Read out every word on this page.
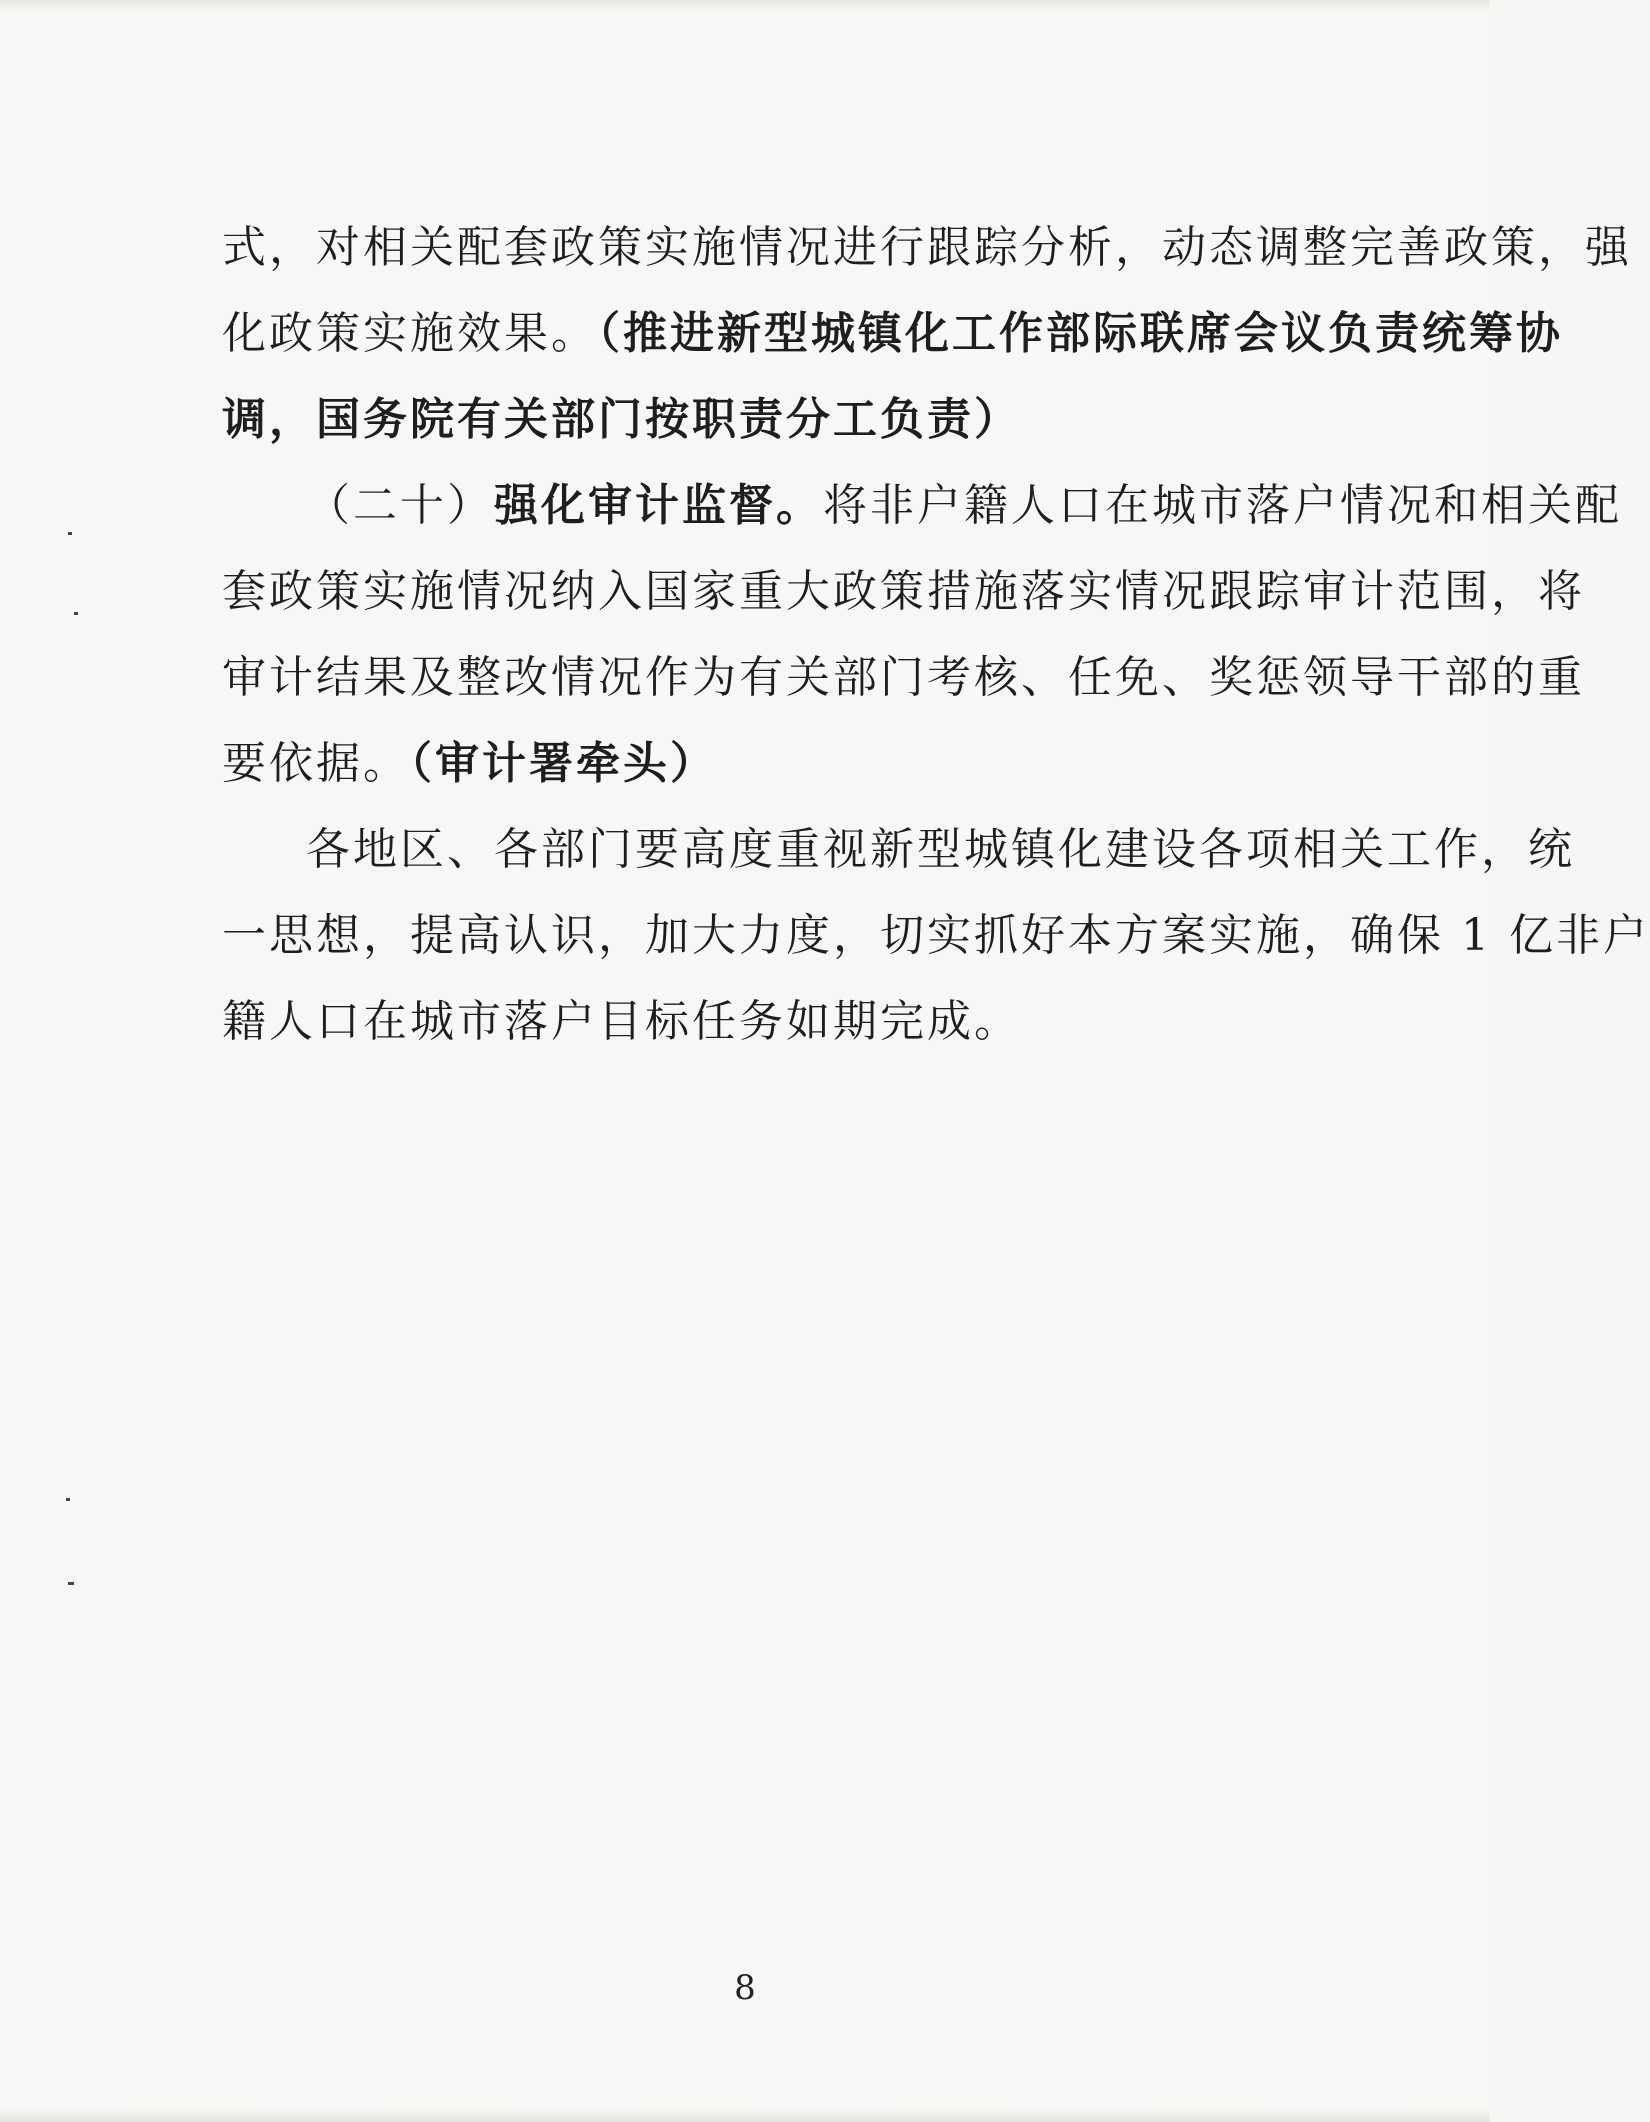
式，对相关配套政策实施情况进行跟踪分析，动态调整完善政策，强
化政策实施效果。（推进新型城镇化工作部际联席会议负责统筹协
调，国务院有关部门按职责分工负责）
（二十）强化审计监督。将非户籍人口在城市落户情况和相关配
套政策实施情况纳入国家重大政策措施落实情况跟踪审计范围，将
审计结果及整改情况作为有关部门考核、任免、奖惩领导干部的重
要依据。（审计署牵头）
各地区、各部门要高度重视新型城镇化建设各项相关工作，统
一思想，提高认识，加大力度，切实抓好本方案实施，确保 1 亿非户
籍人口在城市落户目标任务如期完成。
8
